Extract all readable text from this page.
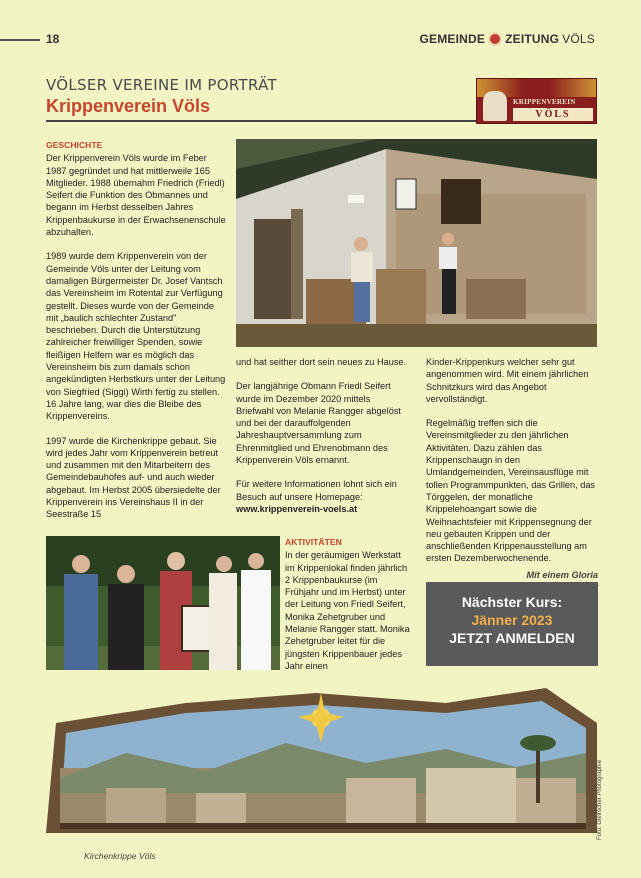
18	GEMEINDE ZEITUNG VÖLS
VÖLSER VEREINE IM PORTRÄT
Krippenverein Völs	KRIPPENVEREIN
VÖLS
GESCHICHTE

Der Krippenverein Völs wurde im Feber 1987 gegründet und hat mittlerweile 165 Mitglieder. 1988 übernahm Friedrich (Friedl) Seifert die Funktion des Obmannes und begann im Herbst desselben Jahres Krippenbaukurse in der Erwachsenenschule abzuhalten.

1989 wurde dem Krippenverein von der Gemeinde Völs unter der Leitung vom damaligen Bürgermeister Dr. Josef Vantsch das Vereinsheim im Rotental zur Verfügung gestellt. Dieses wurde von der Gemeinde mit „baulich schlechter Zustand" beschrieben. Durch die Unterstützung zahlreicher freiwilliger Spenden, sowie fleißigen Helfern war es möglich das Vereinsheim bis zum damals schon angekündigten Herbstkurs unter der Leitung von Siegfried (Siggi) Wirth fertig zu stellen. 16 Jahre lang, war dies die Bleibe des Krippenvereins.

1997 wurde die Kirchenkrippe gebaut. Sie wird jedes Jahr vom Krippenverein betreut und zusammen mit den Mitarbeitern des Gemeindebauhofes auf- und auch wieder abgebaut. Im Herbst 2005 übersiedelte der Krippenverein ins Vereinshaus II in der Seestraße 15

und hat seither dort sein neues zu Hause.

Der langjährige Obmann Friedl Seifert wurde im Dezember 2020 mittels Briefwahl von Melanie Rangger abgelöst und bei der darauffolgenden Jahreshauptversammlung zum Ehrenmitglied und Ehrenobmann des Krippenverein Völs ernannt.

Für weitere Informationen lohnt sich ein Besuch auf unsere Homepage:

www.krippenverein-voels.at
AKTIVITÄTEN

In der geräumigen Werkstatt im Krippenlokal finden jährlich 2 Krippenbaukurse (im Frühjahr und im Herbst) unter der Leitung von Friedl Seifert, Monika Zehetgruber und Melanie Rangger statt. Monika Zehetgruber leitet für die jüngsten Krippenbauer jedes Jahr einen

Kinder-Krippenkurs welcher sehr gut angenommen wird. Mit einem jährlichen Schnitzkurs wird das Angebot vervollständigt.

Regelmäßig treffen sich die Vereinsmitglieder zu den jährlichen Aktivitäten. Dazu zählen das Krippenschaugn in den Umlandgemeinden, Vereinsausflüge mit tollen Programmpunkten, das Grillen, das Törggelen, der monatliche Krippelehoangart sowie die Weihnachtsfeier mit Krippensegnung der neu gebauten Krippen und der anschließenden Krippenausstellung am ersten Dezemberwochenende.

Mit einem Gloria
Nächster Kurs:
Jänner 2023
JETZT ANMELDEN
Kirchenkrippe Völs
Foto: Gleirscher Photographie
